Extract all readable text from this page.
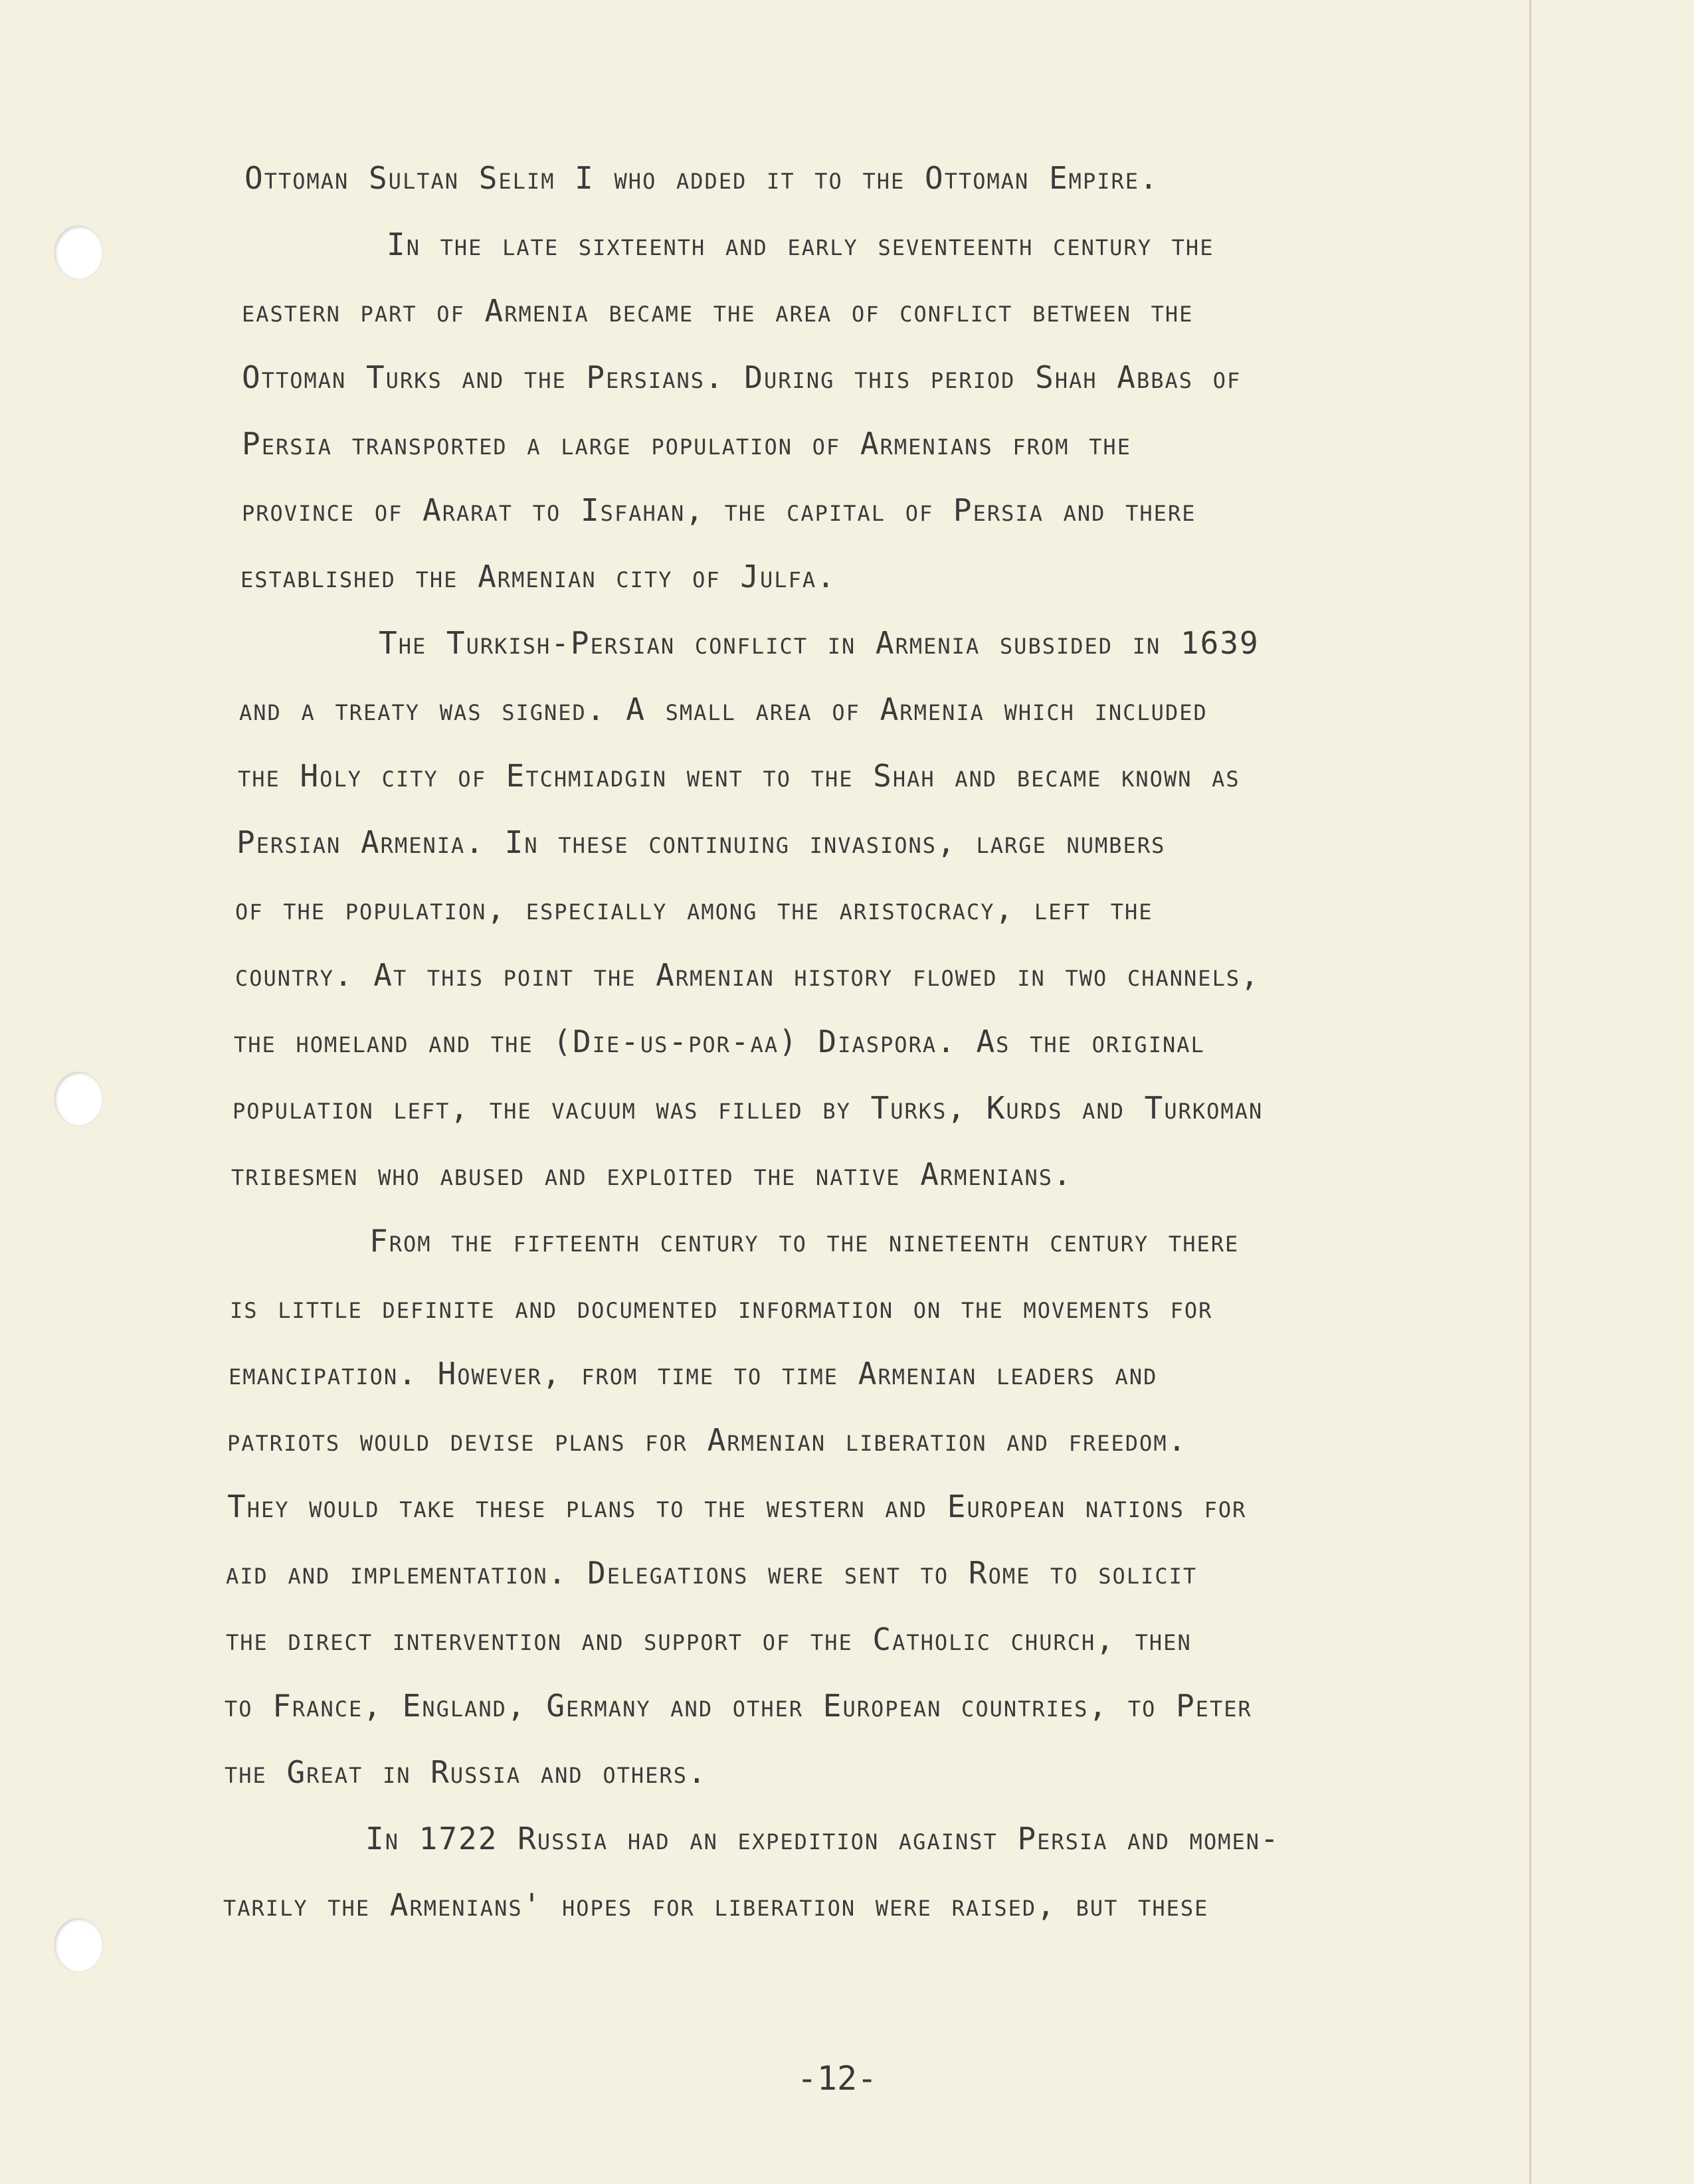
Ottoman Sultan Selim I who added it to the Ottoman Empire.
In the late sixteenth and early seventeenth century the
eastern part of Armenia became the area of conflict between the
Ottoman Turks and the Persians. During this period Shah Abbas of
Persia transported a large population of Armenians from the
province of Ararat to Isfahan, the capital of Persia and there
established the Armenian city of Julfa.
The Turkish-Persian conflict in Armenia subsided in 1639
and a treaty was signed. A small area of Armenia which included
the Holy city of Etchmiadgin went to the Shah and became known as
Persian Armenia. In these continuing invasions, large numbers
of the population, especially among the aristocracy, left the
country. At this point the Armenian history flowed in two channels,
the homeland and the (Die-us-por-aa) Diaspora. As the original
population left, the vacuum was filled by Turks, Kurds and Turkoman
tribesmen who abused and exploited the native Armenians.
From the fifteenth century to the nineteenth century there
is little definite and documented information on the movements for
emancipation. However, from time to time Armenian leaders and
patriots would devise plans for Armenian liberation and freedom.
They would take these plans to the western and European nations for
aid and implementation. Delegations were sent to Rome to solicit
the direct intervention and support of the Catholic church, then
to France, England, Germany and other European countries, to Peter
the Great in Russia and others.
In 1722 Russia had an expedition against Persia and momen-
tarily the Armenians' hopes for liberation were raised, but these
-12-
